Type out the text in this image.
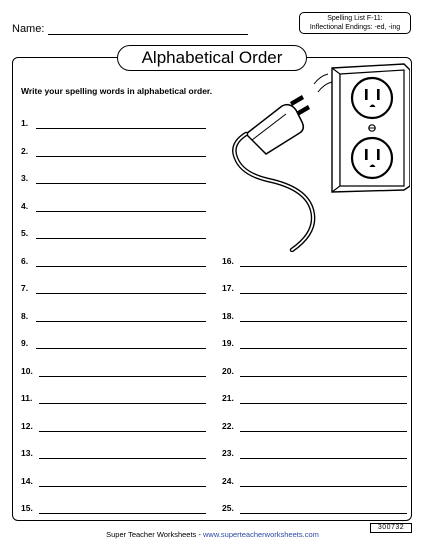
Name:
Spelling List F-11:
Inflectional Endings: -ed, -ing
Alphabetical Order
Write your spelling words in alphabetical order.
1.
2.
3.
4.
5.
6.
7.
8.
9.
10.
11.
12.
13.
14.
15.
16.
17.
18.
19.
20.
21.
22.
23.
24.
25.
Super Teacher Worksheets - www.superteacherworksheets.com
300732
